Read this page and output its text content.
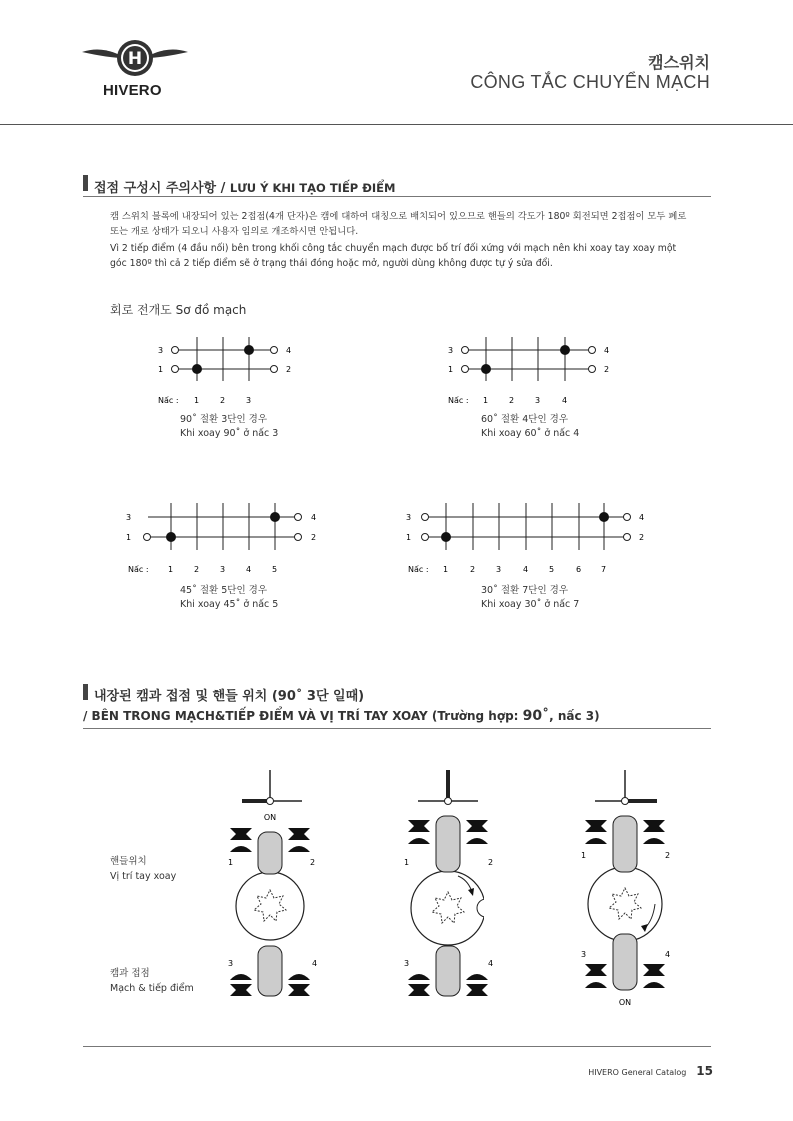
H
HIVERO
캠스위치
CÔNG TẮC CHUYỂN MẠCH
접점 구성시 주의사항 / LƯU Ý KHI TẠO TIẾP ĐIỂM
캠 스위치 블록에 내장되어 있는 2접점(4개 단자)은 캠에 대하여 대칭으로 배치되어 있으므로 핸들의 각도가 180º 회전되면 2접점이 모두 폐로 또는 개로 상태가 되오니 사용자 임의로 개조하시면 안됩니다.
Vì 2 tiếp điểm (4 đầu nối) bên trong khối công tắc chuyển mạch được bố trí đối xứng với mạch nên khi xoay tay xoay một góc 180º thì cả 2 tiếp điểm sẽ ở trạng thái đóng hoặc mở, người dùng không được tự ý sửa đổi.
회로 전개도 Sơ đồ mạch
3
1
4
2
Nấc : 1	2	3
90˚ 절환 3단인 경우
Khi xoay 90˚ ở nấc 3
3
1
4
2
Nấc : 1	2	3	4
60˚ 절환 4단인 경우
Khi xoay 60˚ ở nấc 4
3
1
4
2
Nấc : 1	2	3	4	5
45˚ 절환 5단인 경우
Khi xoay 45˚ ở nấc 5
3
1
4
2
Nấc : 1	2	3	4	5	6 7
30˚ 절환 7단인 경우
Khi xoay 30˚ ở nấc 7
내장된 캠과 접점 및 핸들 위치 (90˚ 3단 일때)
/ BÊN TRONG MẠCH&TIẾP ĐIỂM VÀ VỊ TRÍ TAY XOAY (Trường hợp: 90˚, nấc 3)
핸들위치
Vị trí tay xoay
캠과 접점
Mạch & tiếp điểm
ON
1	2
3	4
1	2
3	4
1	2
3	4
ON
HIVERO General Catalog 15
